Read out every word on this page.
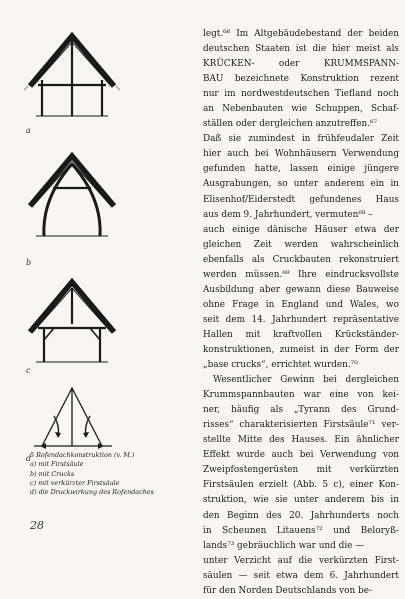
a
b
c
d
5 Rofendachkonstruktion (v. M.)
a) mit Firstsäule
b) mit Crucks
c) mit verkürzter Firstsäule
d) die Druckwirkung des Rofendaches
28
legt.⁶⁶ Im Altgebäudebestand der beiden
deutschen Staaten ist die hier meist als
KRÜCKEN- oder KRUMMSPANN-
BAU bezeichnete Konstruktion rezent
nur im nordwestdeutschen Tiefland noch
an Nebenbauten wie Schuppen, Schaf-
ställen oder dergleichen anzutreffen.⁶⁷
Daß sie zumindest in frühfeudaler Zeit
hier auch bei Wohnhäusern Verwendung
gefunden hatte, lassen einige jüngere
Ausgrabungen, so unter anderem ein in
Elisenhof/Eiderstedt gefundenes Haus
aus dem 9. Jahrhundert, vermuten⁶⁸ –
auch einige dänische Häuser etwa der
gleichen Zeit werden wahrscheinlich
ebenfalls als Cruckbauten rekonstruiert
werden müssen.⁶⁹ Ihre eindrucksvollste
Ausbildung aber gewann diese Bauweise
ohne Frage in England und Wales, wo
seit dem 14. Jahrhundert repräsentative
Hallen mit kraftvollen Krückständer-
konstruktionen, zumeist in der Form der
„base crucks“, errichtet wurden.⁷⁰
Wesentlicher Gewinn bei dergleichen
Krummspannbauten war eine von kei-
ner, häufig als „Tyrann des Grund-
risses“ charakterisierten Firstsäule⁷¹ ver-
stellte Mitte des Hauses. Ein ähnlicher
Effekt wurde auch bei Verwendung von
Zweipfostengerüsten mit verkürzten
Firstsäulen erzielt (Abb. 5 c), einer Kon-
struktion, wie sie unter anderem bis in
den Beginn des 20. Jahrhunderts noch
in Scheunen Litauens⁷² und Belorуß-
lands⁷³ gebräuchlich war und die —
unter Verzicht auf die verkürzten First-
säulen — seit etwa dem 6. Jahrhundert
für den Norden Deutschlands von be-
